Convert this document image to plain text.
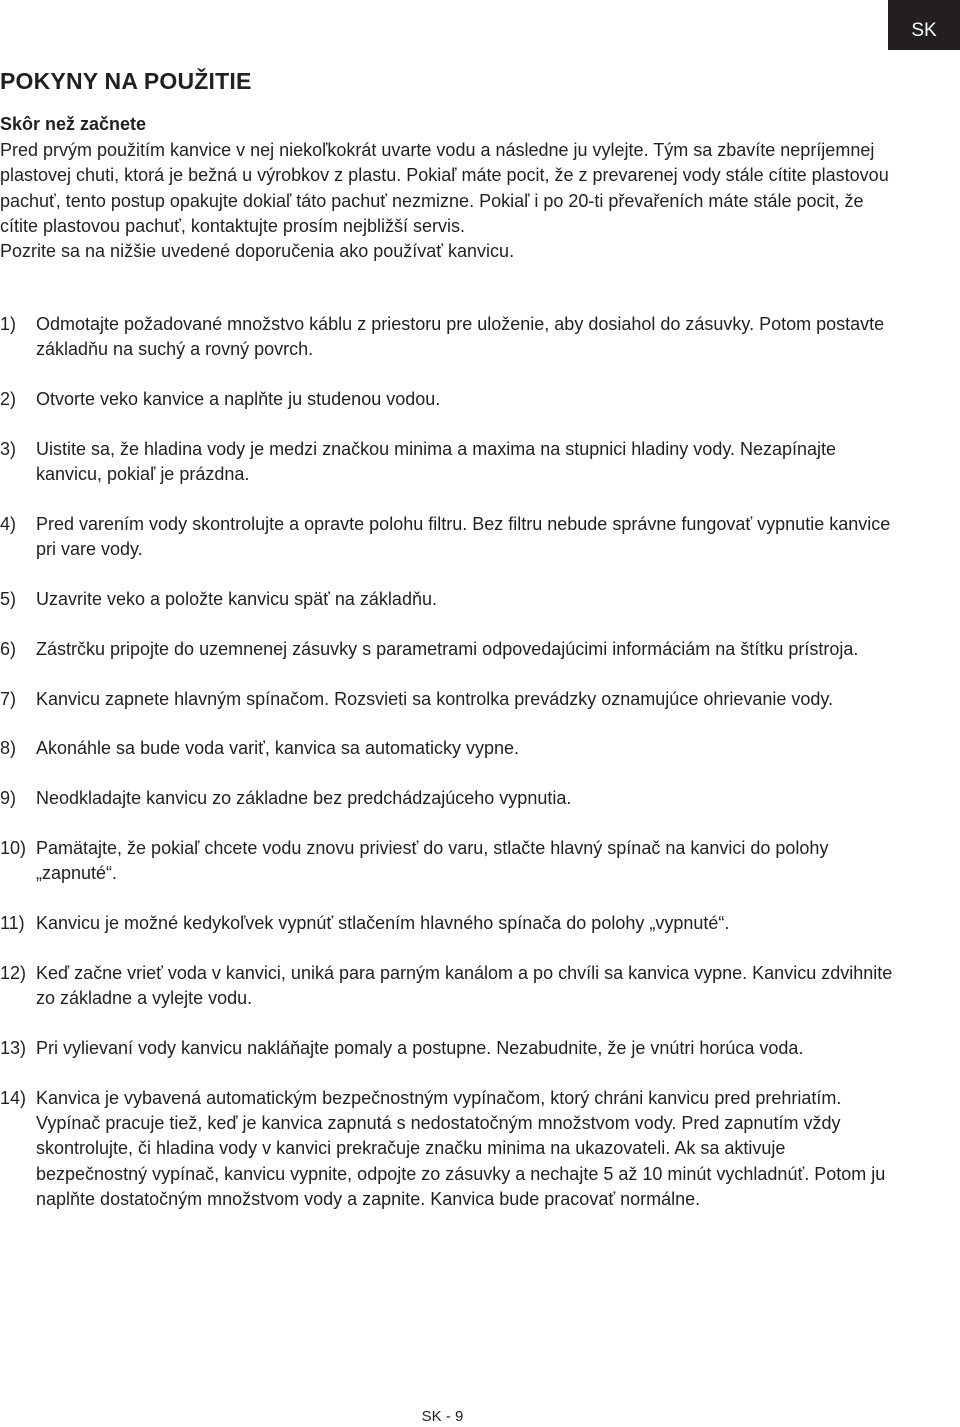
SK
POKYNY NA POUŽITIE
Skôr než začnete
Pred prvým použitím kanvice v nej niekoľkokrát uvarte vodu a následne ju vylejte. Tým sa zbavíte nepríjemnej plastovej chuti, ktorá je bežná u výrobkov z plastu. Pokiaľ máte pocit, že z prevarenej vody stále cítite plastovou pachuť, tento postup opakujte dokiaľ táto pachuť nezmizne. Pokiaľ i po 20-ti převařeních máte stále pocit, že cítite plastovou pachuť, kontaktujte prosím nejbližší servis.
Pozrite sa na nižšie uvedené doporučenia ako používať kanvicu.
1)	Odmotajte požadované množstvo káblu z priestoru pre uloženie, aby dosiahol do zásuvky. Potom postavte základňu na suchý a rovný povrch.
2)	Otvorte veko kanvice a naplňte ju studenou vodou.
3)	Uistite sa, že hladina vody je medzi značkou minima a maxima na stupnici hladiny vody. Nezapínajte kanvicu, pokiaľ je prázdna.
4)	Pred varením vody skontrolujte a opravte polohu filtru. Bez filtru nebude správne fungovať vypnutie kanvice pri vare vody.
5)	Uzavrite veko a položte kanvicu späť na základňu.
6)	Zástrčku pripojte do uzemnenej zásuvky s parametrami odpovedajúcimi informáciám na štítku prístroja.
7)	Kanvicu zapnete hlavným spínačom. Rozsvieti sa kontrolka prevádzky oznamujúce ohrievanie vody.
8)	Akonáhle sa bude voda variť, kanvica sa automaticky vypne.
9)	Neodkladajte kanvicu zo základne bez predchádzajúceho vypnutia.
10) Pamätajte, že pokiaľ chcete vodu znovu priviesť do varu, stlačte hlavný spínač na kanvici do polohy „zapnuté“.
11) Kanvicu je možné kedykoľvek vypnúť stlačením hlavného spínača do polohy „vypnuté“.
12) Keď začne vrieť voda v kanvici, uniká para parným kanálom a po chvíli sa kanvica vypne. Kanvicu zdvihnite zo základne a vylejte vodu.
13) Pri vylievaní vody kanvicu nakláňajte pomaly a postupne. Nezabudnite, že je vnútri horúca voda.
14) Kanvica je vybavená automatickým bezpečnostným vypínačom, ktorý chráni kanvicu pred prehriatím. Vypínač pracuje tiež, keď je kanvica zapnutá s nedostatočným množstvom vody. Pred zapnutím vždy skontrolujte, či hladina vody v kanvici prekračuje značku minima na ukazovateli. Ak sa aktivuje bezpečnostný vypínač, kanvicu vypnite, odpojte zo zásuvky a nechajte 5 až 10 minút vychladnúť. Potom ju naplňte dostatočným množstvom vody a zapnite. Kanvica bude pracovať normálne.
SK - 9
